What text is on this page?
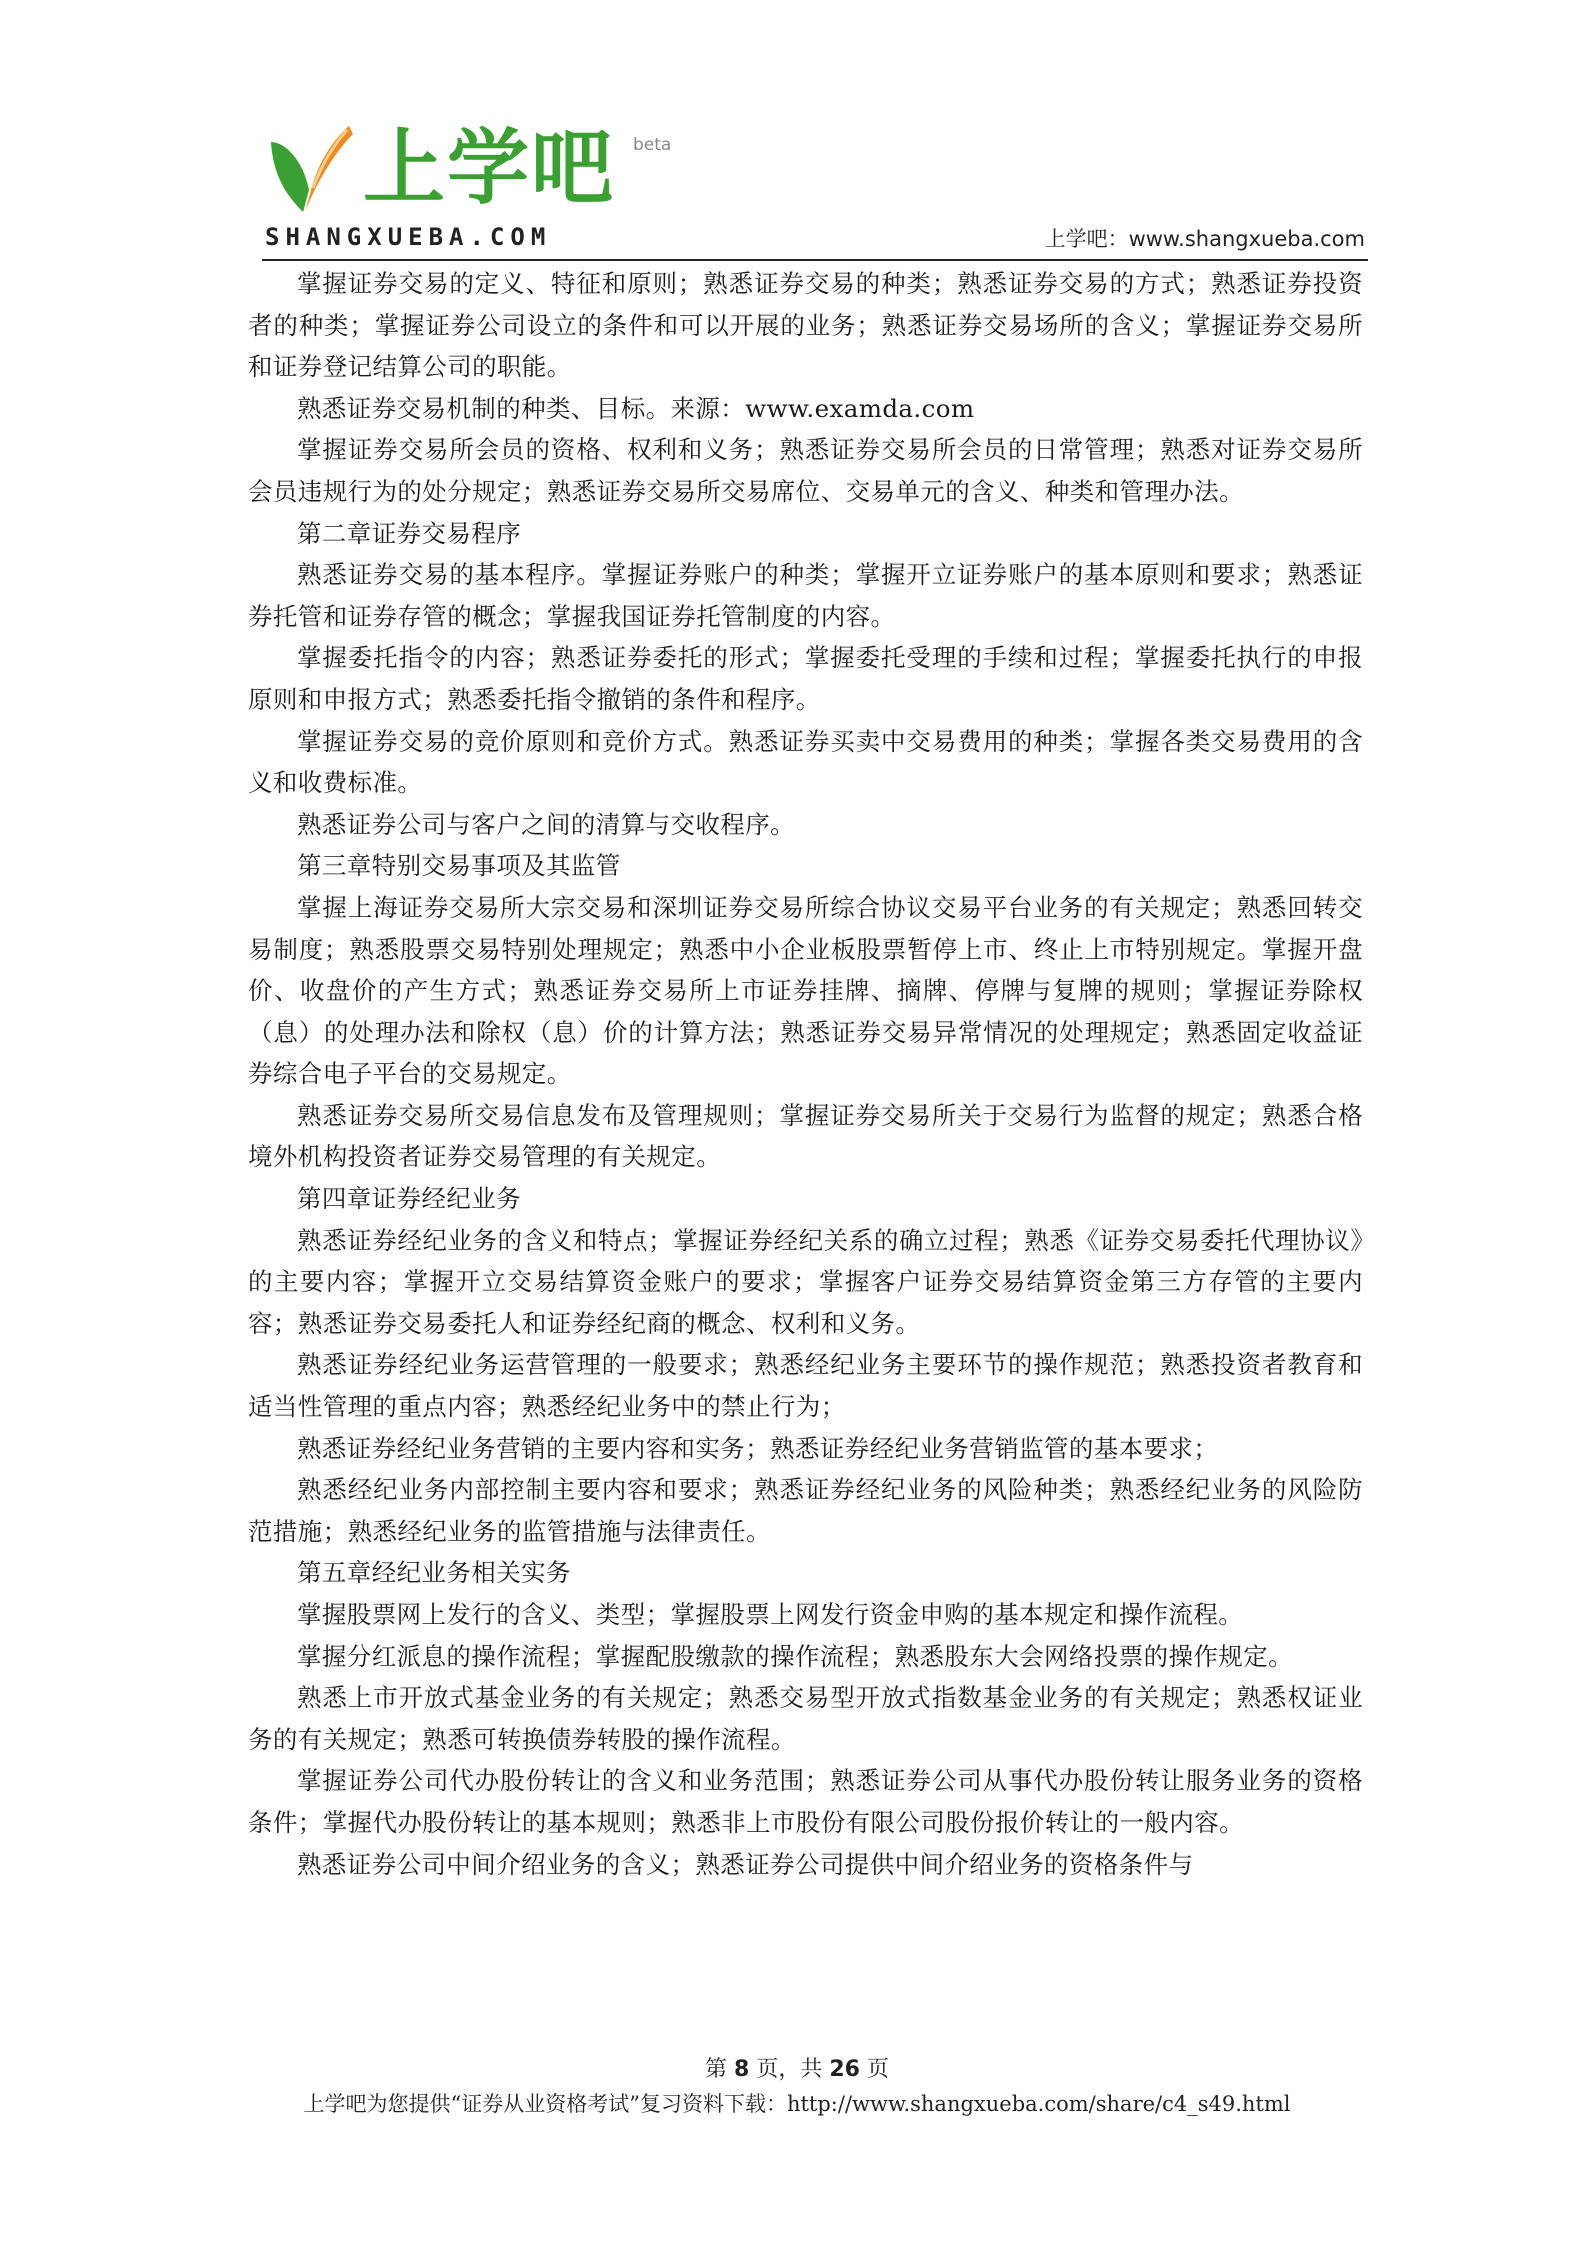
上学吧 beta
SHANGXUEBA.COM	上学吧：www.shangxueba.com

掌握证券交易的定义、特征和原则；熟悉证券交易的种类；熟悉证券交易的方式；熟悉证券投资者的种类；掌握证券公司设立的条件和可以开展的业务；熟悉证券交易场所的含义；掌握证券交易所和证券登记结算公司的职能。

熟悉证券交易机制的种类、目标。来源：www.examda.com

掌握证券交易所会员的资格、权利和义务；熟悉证券交易所会员的日常管理；熟悉对证券交易所会员违规行为的处分规定；熟悉证券交易所交易席位、交易单元的含义、种类和管理办法。

第二章证券交易程序

熟悉证券交易的基本程序。掌握证券账户的种类；掌握开立证券账户的基本原则和要求；熟悉证券托管和证券存管的概念；掌握我国证券托管制度的内容。

掌握委托指令的内容；熟悉证券委托的形式；掌握委托受理的手续和过程；掌握委托执行的申报原则和申报方式；熟悉委托指令撤销的条件和程序。

掌握证券交易的竞价原则和竞价方式。熟悉证券买卖中交易费用的种类；掌握各类交易费用的含义和收费标准。

熟悉证券公司与客户之间的清算与交收程序。

第三章特别交易事项及其监管

掌握上海证券交易所大宗交易和深圳证券交易所综合协议交易平台业务的有关规定；熟悉回转交易制度；熟悉股票交易特别处理规定；熟悉中小企业板股票暂停上市、终止上市特别规定。掌握开盘价、收盘价的产生方式；熟悉证券交易所上市证券挂牌、摘牌、停牌与复牌的规则；掌握证券除权（息）的处理办法和除权（息）价的计算方法；熟悉证券交易异常情况的处理规定；熟悉固定收益证券综合电子平台的交易规定。

熟悉证券交易所交易信息发布及管理规则；掌握证券交易所关于交易行为监督的规定；熟悉合格境外机构投资者证券交易管理的有关规定。

第四章证券经纪业务

熟悉证券经纪业务的含义和特点；掌握证券经纪关系的确立过程；熟悉《证券交易委托代理协议》的主要内容；掌握开立交易结算资金账户的要求；掌握客户证券交易结算资金第三方存管的主要内容；熟悉证券交易委托人和证券经纪商的概念、权利和义务。

熟悉证券经纪业务运营管理的一般要求；熟悉经纪业务主要环节的操作规范；熟悉投资者教育和适当性管理的重点内容；熟悉经纪业务中的禁止行为；

熟悉证券经纪业务营销的主要内容和实务；熟悉证券经纪业务营销监管的基本要求；

熟悉经纪业务内部控制主要内容和要求；熟悉证券经纪业务的风险种类；熟悉经纪业务的风险防范措施；熟悉经纪业务的监管措施与法律责任。

第五章经纪业务相关实务

掌握股票网上发行的含义、类型；掌握股票上网发行资金申购的基本规定和操作流程。

掌握分红派息的操作流程；掌握配股缴款的操作流程；熟悉股东大会网络投票的操作规定。

熟悉上市开放式基金业务的有关规定；熟悉交易型开放式指数基金业务的有关规定；熟悉权证业务的有关规定；熟悉可转换债券转股的操作流程。

掌握证券公司代办股份转让的含义和业务范围；熟悉证券公司从事代办股份转让服务业务的资格条件；掌握代办股份转让的基本规则；熟悉非上市股份有限公司股份报价转让的一般内容。

熟悉证券公司中间介绍业务的含义；熟悉证券公司提供中间介绍业务的资格条件与

第 8 页，共 26 页
上学吧为您提供“证券从业资格考试”复习资料下载：http://www.shangxueba.com/share/c4_s49.html
